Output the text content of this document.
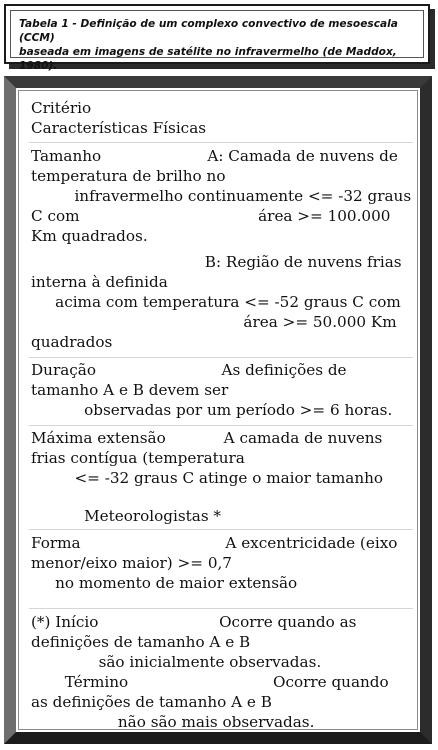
Tabela 1 - Definição de um complexo convectivo de mesoescala (CCM)
baseada em imagens de satélite no infravermelho (de Maddox, 1980).
Critério
Características Físicas
Tamanho                      A: Camada de nuvens de
temperatura de brilho no
infravermelho continuamente <= -32 graus
C com                                     área >= 100.000
Km quadrados.
B: Região de nuvens frias
interna à definida
acima com temperatura <= -52 graus C com
área >= 50.000 Km
quadrados
Duração                          As definições de
tamanho A e B devem ser
observadas por um período >= 6 horas.
Máxima extensão            A camada de nuvens
frias contígua (temperatura
<= -32 graus C atinge o maior tamanho
Meteorologistas *
Forma                              A excentricidade (eixo
menor/eixo maior) >= 0,7
no momento de maior extensão
(*) Início                         Ocorre quando as
definições de tamanho A e B
são inicialmente observadas.
Término                              Ocorre quando
as definições de tamanho A e B
não são mais observadas.
